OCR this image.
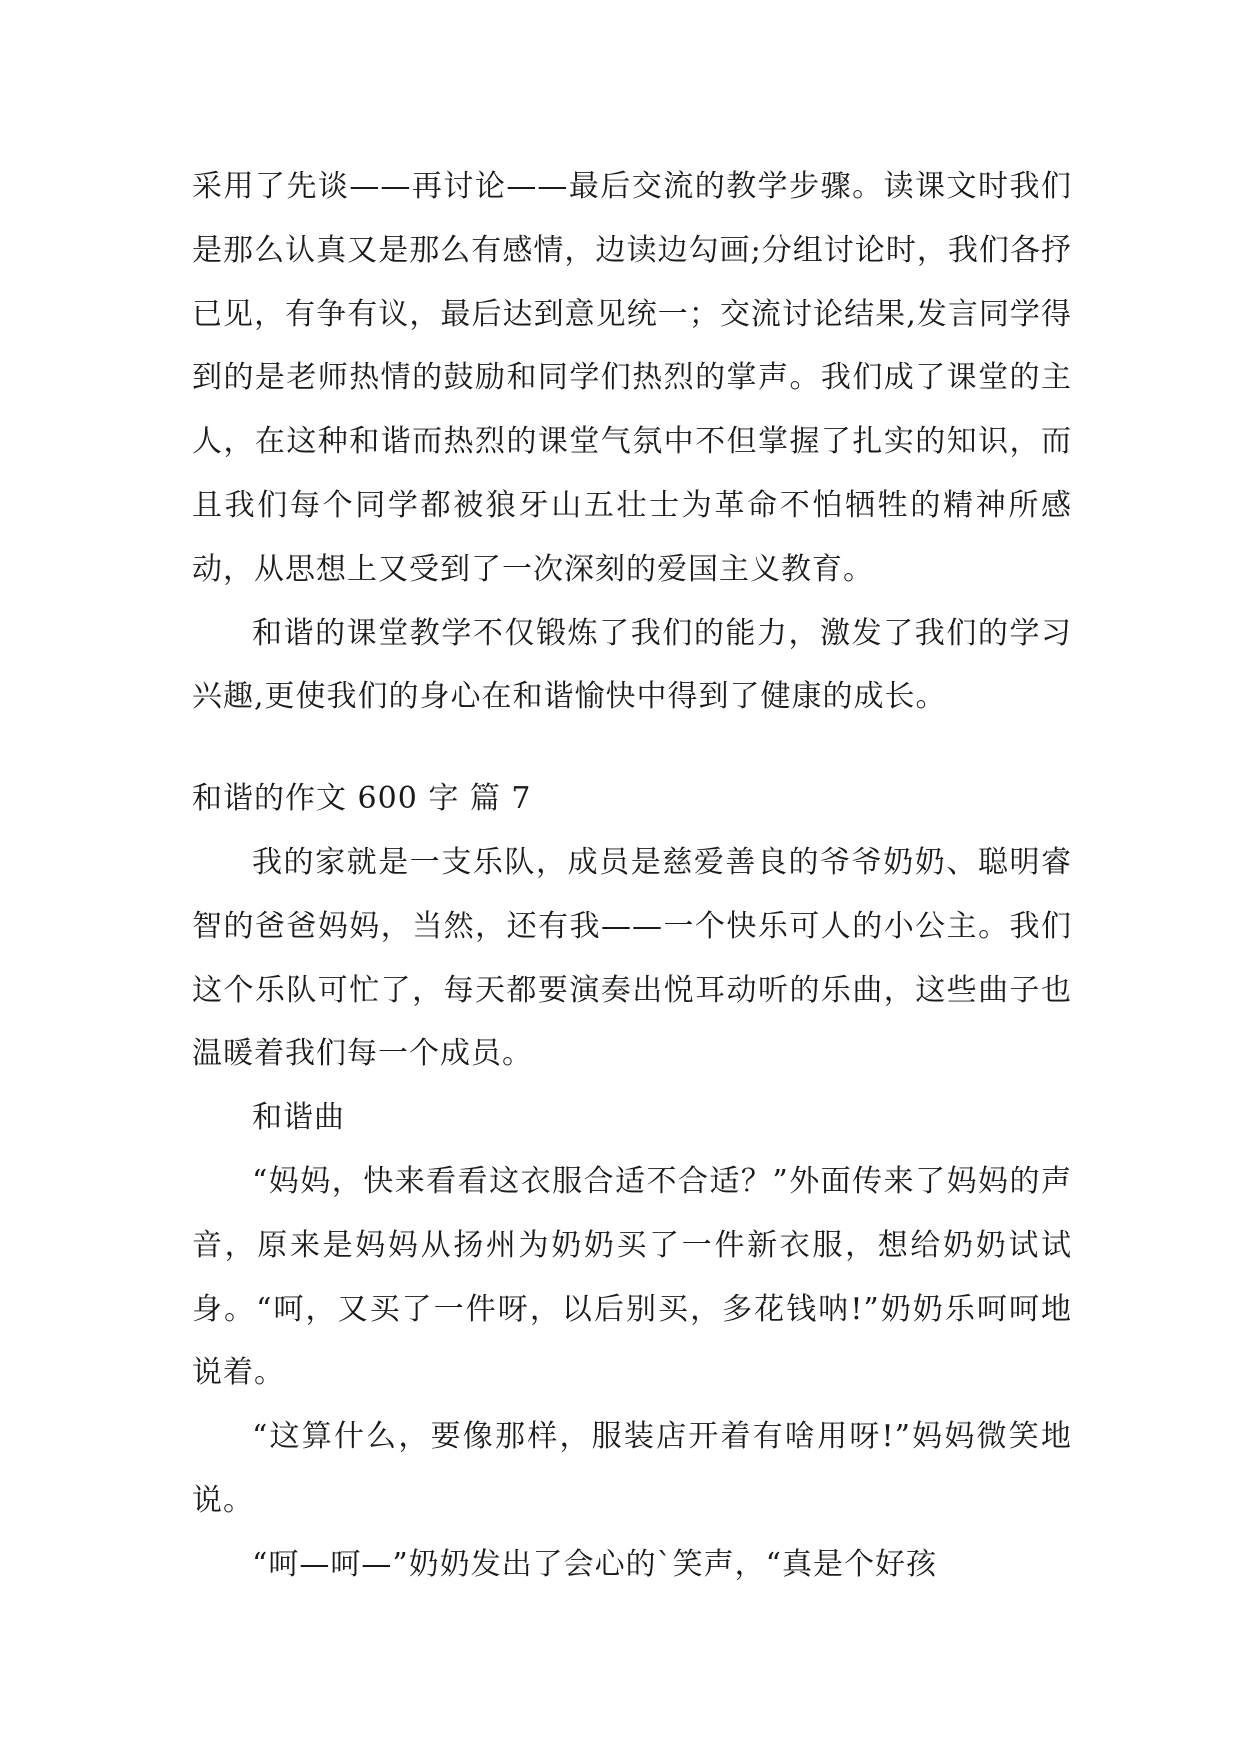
采用了先谈——再讨论——最后交流的教学步骤。读课文时我们是那么认真又是那么有感情，边读边勾画;分组讨论时，我们各抒已见，有争有议，最后达到意见统一；交流讨论结果,发言同学得到的是老师热情的鼓励和同学们热烈的掌声。我们成了课堂的主人，在这种和谐而热烈的课堂气氛中不但掌握了扎实的知识，而且我们每个同学都被狼牙山五壮士为革命不怕牺牲的精神所感动，从思想上又受到了一次深刻的爱国主义教育。

和谐的课堂教学不仅锻炼了我们的能力，激发了我们的学习兴趣,更使我们的身心在和谐愉快中得到了健康的成长。

和谐的作文 600 字 篇 7

我的家就是一支乐队，成员是慈爱善良的爷爷奶奶、聪明睿智的爸爸妈妈，当然，还有我——一个快乐可人的小公主。我们这个乐队可忙了，每天都要演奏出悦耳动听的乐曲，这些曲子也温暖着我们每一个成员。

和谐曲

“妈妈，快来看看这衣服合适不合适？”外面传来了妈妈的声音，原来是妈妈从扬州为奶奶买了一件新衣服，想给奶奶试试身。“呵，又买了一件呀，以后别买，多花钱呐!”奶奶乐呵呵地说着。

“这算什么，要像那样，服装店开着有啥用呀!”妈妈微笑地说。

“呵—呵—”奶奶发出了会心的`笑声，“真是个好孩
